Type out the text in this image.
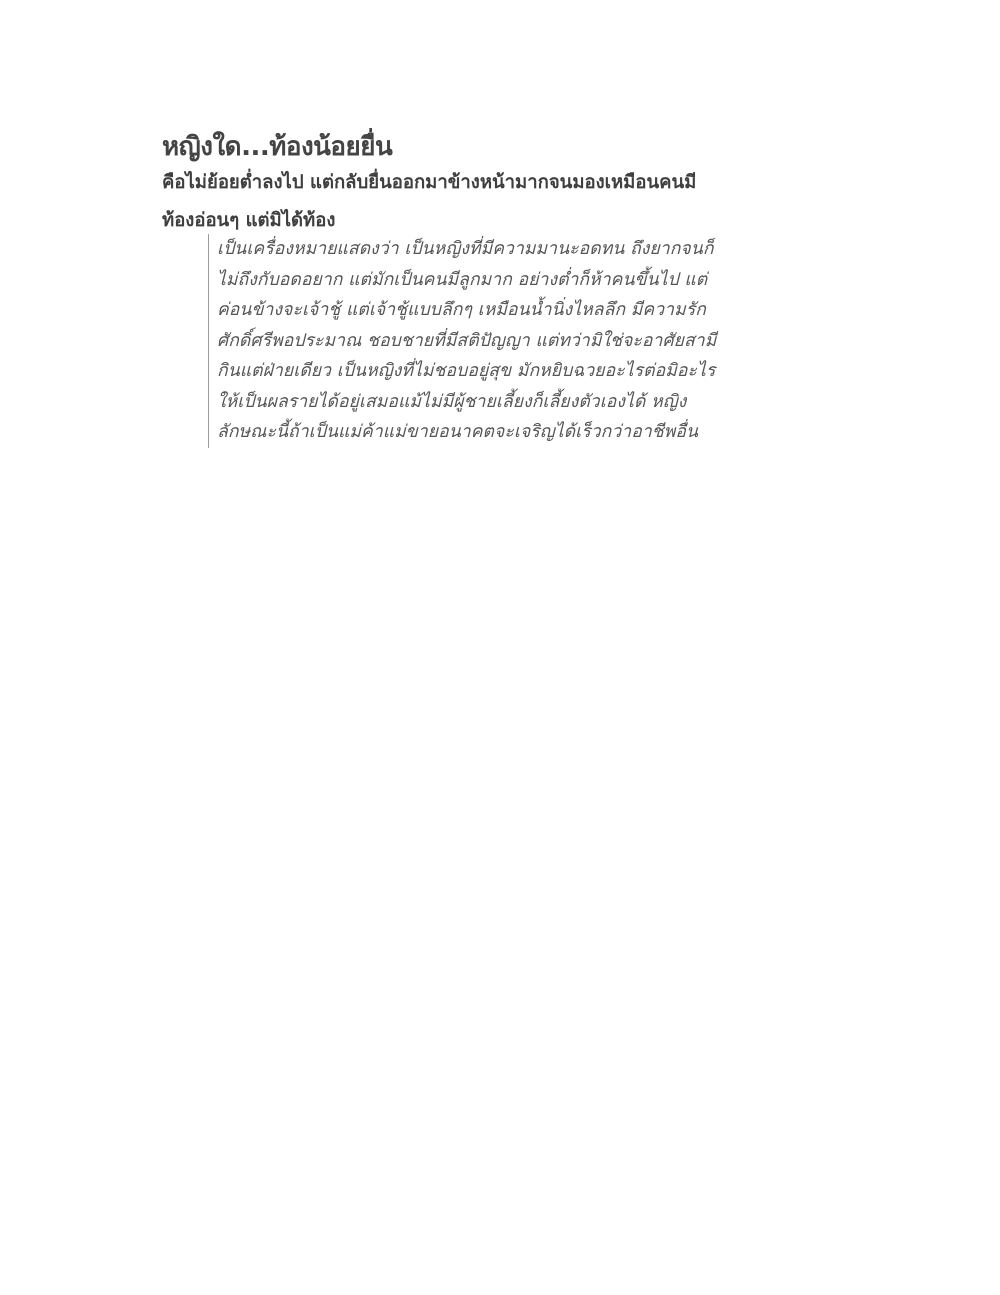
หญิงใด...ท้องน้อยยื่น
คือไม่ย้อยต่ำลงไป แต่กลับยื่นออกมาข้างหน้ามากจนมองเหมือนคนมี
ท้องอ่อนๆ แต่มิได้ท้อง
เป็นเครื่องหมายแสดงว่า เป็นหญิงที่มีความมานะอดทน ถึงยากจนก็
ไม่ถึงกับอดอยาก แต่มักเป็นคนมีลูกมาก อย่างต่ำก็ห้าคนขึ้นไป แต่
ค่อนข้างจะเจ้าชู้ แต่เจ้าชู้แบบลึกๆ เหมือนน้ำนิ่งไหลลึก มีความรัก
ศักดิ์ศรีพอประมาณ ชอบชายที่มีสติปัญญา แต่ทว่ามิใช่จะอาศัยสามี
กินแต่ฝ่ายเดียว เป็นหญิงที่ไม่ชอบอยู่สุข มักหยิบฉวยอะไรต่อมิอะไร
ให้เป็นผลรายได้อยู่เสมอแม้ไม่มีผู้ชายเลี้ยงก็เลี้ยงตัวเองได้ หญิง
ลักษณะนี้ถ้าเป็นแม่ค้าแม่ขายอนาคตจะเจริญได้เร็วกว่าอาชีพอื่น
